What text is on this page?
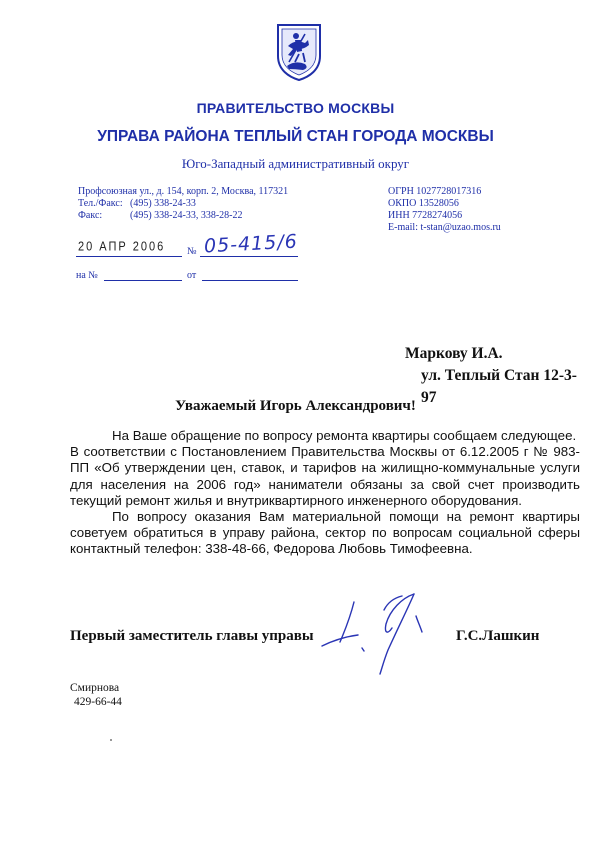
ПРАВИТЕЛЬСТВО МОСКВЫ
УПРАВА РАЙОНА ТЕПЛЫЙ СТАН ГОРОДА МОСКВЫ
Юго-Западный административный округ
Профсоюзная ул., д. 154, корп. 2, Москва, 117321
Тел./Факс: (495) 338-24-33
Факс:	(495) 338-24-33, 338-28-22
ОГРН 1027728017316
ОКПО 13528056
ИНН 7728274056
E-mail: t-stan@uzao.mos.ru
20 АПР 2006 № 05-415/6
на №	от
Маркову И.А.
ул. Теплый Стан 12-3-97
Уважаемый Игорь Александрович!

На Ваше обращение по вопросу ремонта квартиры сообщаем следующее.

В соответствии с Постановлением Правительства Москвы от 6.12.2005 г № 983-ПП «Об утверждении цен, ставок, и тарифов на жилищно-коммунальные услуги для населения на 2006 год» наниматели обязаны за свой счет производить текущий ремонт жилья и внутриквартирного инженерного оборудования.

По вопросу оказания Вам материальной помощи на ремонт квартиры советуем обратиться в управу района, сектор по вопросам социальной сферы контактный телефон: 338-48-66, Федорова Любовь Тимофеевна.

Первый заместитель главы управы	Г.С.Лашкин
Смирнова
429-66-44
